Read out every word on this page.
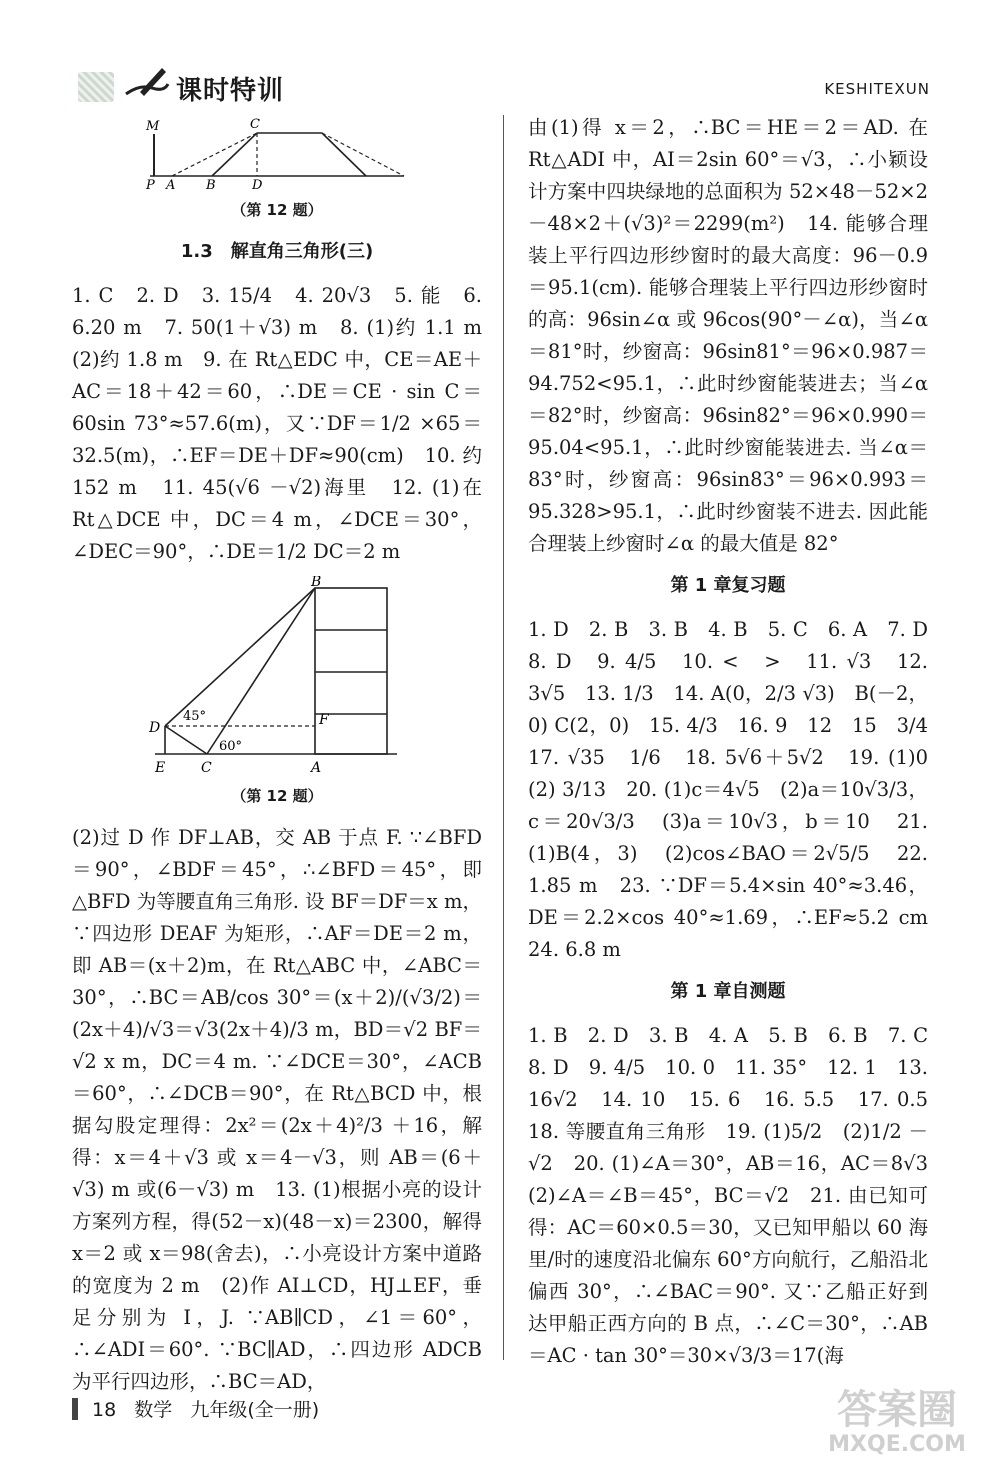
课时特训	KESHITEXUN
M	C
P A B	D
（第 12 题）
1.3　解直角三角形(三)

1. C　2. D　3. 15/4　4. 20√3　5. 能　6. 6.20 m　7. 50(1＋√3) m　8. (1)约 1.1 m (2)约 1.8 m　9. 在 Rt△EDC 中，CE＝AE＋AC＝18＋42＝60，∴DE＝CE · sin C＝60sin 73°≈57.6(m)，又∵DF＝1/2 ×65＝32.5(m)，∴EF＝DE＋DF≈90(cm)　10. 约 152 m　11. 45(√6 －√2)海里　12. (1)在 Rt△DCE 中，DC＝4 m，∠DCE＝30°，∠DEC＝90°，∴DE＝1/2 DC＝2 m

B
D	F
E	C	A
45°
60°
（第 12 题）

(2)过 D 作 DF⊥AB，交 AB 于点 F. ∵∠BFD＝90°，∠BDF＝45°，∴∠BFD＝45°，即△BFD 为等腰直角三角形. 设 BF＝DF＝x m，∵四边形 DEAF 为矩形，∴AF＝DE＝2 m，即 AB＝(x＋2)m，在 Rt△ABC 中，∠ABC＝30°，∴BC＝AB/cos 30°＝(x＋2)/(√3/2)＝(2x＋4)/√3＝√3(2x＋4)/3 m，BD＝√2 BF＝√2 x m，DC＝4 m. ∵∠DCE＝30°，∠ACB＝60°，∴∠DCB＝90°，在 Rt△BCD 中，根据勾股定理得：2x²＝(2x＋4)²/3 ＋16，解得：x＝4＋√3 或 x＝4－√3，则 AB＝(6＋√3) m 或(6－√3) m　13. (1)根据小亮的设计方案列方程，得(52－x)(48－x)＝2300，解得 x＝2 或 x＝98(舍去)，∴小亮设计方案中道路的宽度为 2 m　(2)作 AI⊥CD，HJ⊥EF，垂足分别为 I，J. ∵AB∥CD，∠1＝60°，∴∠ADI＝60°. ∵BC∥AD，∴四边形 ADCB 为平行四边形，∴BC＝AD，

由(1)得 x＝2，∴BC＝HE＝2＝AD. 在 Rt△ADI 中，AI＝2sin 60°＝√3，∴小颖设计方案中四块绿地的总面积为 52×48－52×2－48×2＋(√3)²＝2299(m²)　14. 能够合理装上平行四边形纱窗时的最大高度：96－0.9＝95.1(cm). 能够合理装上平行四边形纱窗时的高：96sin∠α 或 96cos(90°－∠α)，当∠α＝81°时，纱窗高：96sin81°＝96×0.987＝94.752<95.1，∴此时纱窗能装进去；当∠α＝82°时，纱窗高：96sin82°＝96×0.990＝95.04<95.1，∴此时纱窗能装进去. 当∠α＝83°时，纱窗高：96sin83°＝96×0.993＝95.328>95.1，∴此时纱窗装不进去. 因此能合理装上纱窗时∠α 的最大值是 82°

第 1 章复习题

1. D　2. B　3. B　4. B　5. C　6. A　7. D　8. D　9. 4/5　10. <　>　11. √3　12. 3√5　13. 1/3　14. A(0，2/3 √3)　B(－2，0) C(2，0)　15. 4/3　16. 9　12　15　3/4　17. √35　1/6　18. 5√6＋5√2　19. (1)0　(2) 3/13　20. (1)c＝4√5　(2)a＝10√3/3，c＝20√3/3　(3)a＝10√3，b＝10　21. (1)B(4，3)　(2)cos∠BAO＝2√5/5　22. 1.85 m　23. ∵DF＝5.4×sin 40°≈3.46，DE＝2.2×cos 40°≈1.69，∴EF≈5.2 cm　24. 6.8 m

第 1 章自测题

1. B　2. D　3. B　4. A　5. B　6. B　7. C　8. D　9. 4/5　10. 0　11. 35°　12. 1　13. 16√2　14. 10　15. 6　16. 5.5　17. 0.5　18. 等腰直角三角形　19. (1)5/2　(2)1/2 －√2　20. (1)∠A＝30°，AB＝16，AC＝8√3　(2)∠A＝∠B＝45°，BC＝√2　21. 由已知可得：AC＝60×0.5＝30，又已知甲船以 60 海里/时的速度沿北偏东 60°方向航行，乙船沿北偏西 30°，∴∠BAC＝90°. 又∵乙船正好到达甲船正西方向的 B 点，∴∠C＝30°，∴AB＝AC · tan 30°＝30×√3/3＝17(海

18 数学 九年级(全一册)	答案圈
MXQE.COM
